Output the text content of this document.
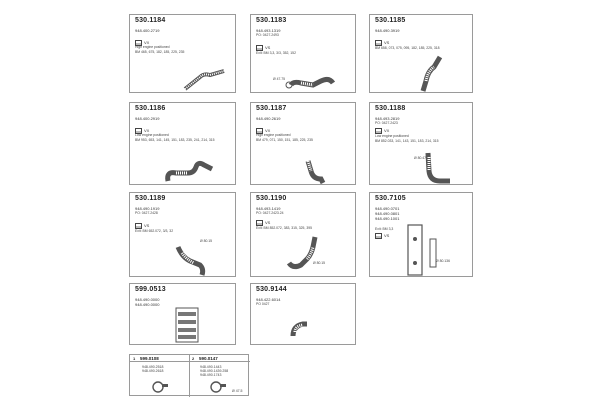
530.1184
948.400.2719
VX
High engine positioned
BM 465, 675, 182, 185, 225, 235
530.1183
948.493.1319
PO: 0427.2493
VS
Exit: BM 3,3, 3/3, 352, 152
Ø 47.75
530.1185
948.490.3919
VS
BM 658, 073, 075, 095, 182, 185, 225, 318
530.1186
948.400.2919
VX
Low engine positioned
BM 953, 653, 141, 145, 151, 183, 235, 241, 214, 315
530.1187
948.490.2619
VX
High engine positioned
BM 479, 071, 150, 151, 185, 225, 235
530.1188
948.493.2819
PO: 0427.2423
VX
Low engine positioned
BM 852.033, 141, 143, 151, 183, 214, 315
Ø 80.47
530.1189
948.490.1919
PO: 0427.2428
VS
Exit: BM 652.072, 3/3, 32
Ø 80.15
530.1190
948.493.1419
PO: 0427.2423.24
VS
Exit: BM 852.072, 383, 315, 325, 395
Ø 80.15
530.7105
948.490.0701
948.490.0801
948.490.1001
VS
Exit: BM 3,3
Ø 80.136
599.0513
948.490.0000
948.490.0000
530.9144
948.422.6014
PO 0427
1 599.0108
948.490.2518
948.490.2618
2 590.0147
948.490.1443
948.490.1439.258
948.490.1743
Ø 47.5
